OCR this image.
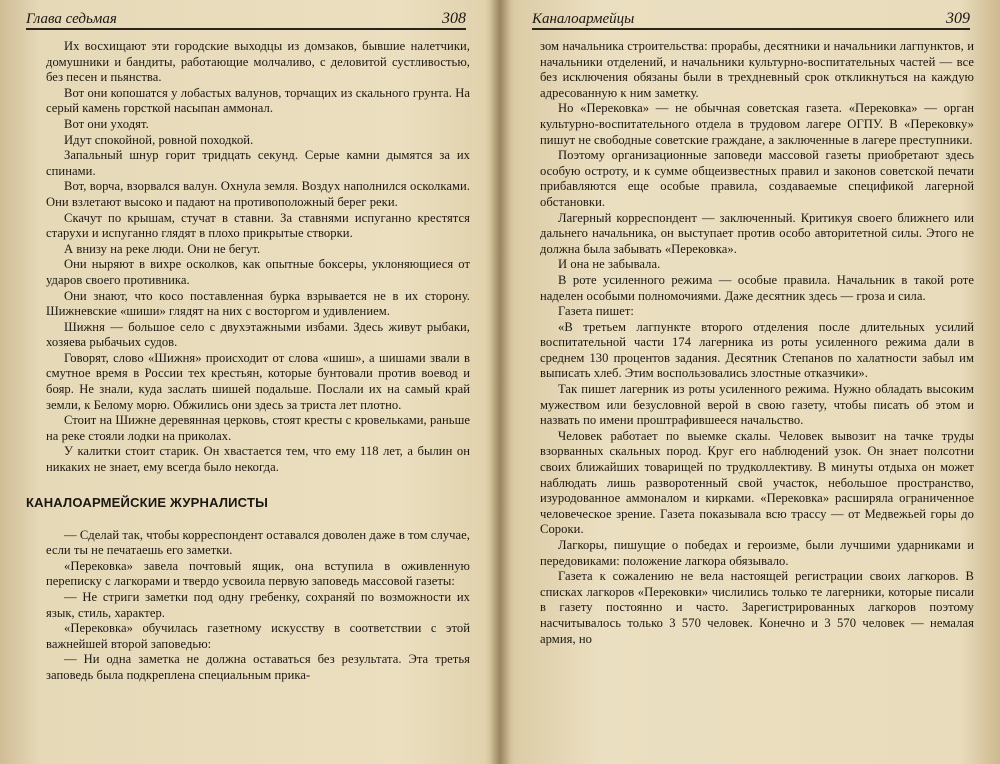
Глава седьмая	308

Их восхищают эти городские выходцы из домзаков, бывшие налетчики, домушники и бандиты, работающие молчаливо, с деловитой сустливостью, без песен и пьянства.

Вот они копошатся у лобастых валунов, торчащих из скального грунта. На серый камень горсткой насыпан аммонал.

Вот они уходят.

Идут спокойной, ровной походкой.

Запальный шнур горит тридцать секунд. Серые камни дымятся за их спинами.

Вот, ворча, взорвался валун. Охнула земля. Воздух наполнился осколками. Они взлетают высоко и падают на противоположный берег реки.

Скачут по крышам, стучат в ставни. За ставнями испуганно крестятся старухи и испуганно глядят в плохо прикрытые створки.

А внизу на реке люди. Они не бегут.

Они ныряют в вихре осколков, как опытные боксеры, уклоняющиеся от ударов своего противника.

Они знают, что косо поставленная бурка взрывается не в их сторону. Шижневские «шиши» глядят на них с восторгом и удивлением.

Шижня — большое село с двухэтажными избами. Здесь живут рыбаки, хозяева рыбачьих судов.

Говорят, слово «Шижня» происходит от слова «шиш», а шишами звали в смутное время в России тех крестьян, которые бунтовали против воевод и бояр. Не знали, куда заслать шишей подальше. Послали их на самый край земли, к Белому морю. Обжились они здесь за триста лет плотно.

Стоит на Шижне деревянная церковь, стоят кресты с кровельками, раньше на реке стояли лодки на приколах.

У калитки стоит старик. Он хвастается тем, что ему 118 лет, а былин он никаких не знает, ему всегда было некогда.

КАНАЛОАРМЕЙСКИЕ ЖУРНАЛИСТЫ

— Сделай так, чтобы корреспондент оставался доволен даже в том случае, если ты не печатаешь его заметки.

«Перековка» завела почтовый ящик, она вступила в оживленную переписку с лагкорами и твердо усвоила первую заповедь массовой газеты:

— Не стриги заметки под одну гребенку, сохраняй по возможности их язык, стиль, характер.

«Перековка» обучилась газетному искусству в соответствии с этой важнейшей второй заповедью:

— Ни одна заметка не должна оставаться без результата. Эта третья заповедь была подкреплена специальным прика-

Каналоармейцы	309

зом начальника строительства: прорабы, десятники и начальники лагпунктов, и начальники отделений, и начальники культурно-воспитательных частей — все без исключения обязаны были в трехдневный срок откликнуться на каждую адресованную к ним заметку.

Но «Перековка» — не обычная советская газета. «Перековка» — орган культурно-воспитательного отдела в трудовом лагере ОГПУ. В «Перековку» пишут не свободные советские граждане, а заключенные в лагере преступники.

Поэтому организационные заповеди массовой газеты приобретают здесь особую остроту, и к сумме общеизвестных правил и законов советской печати прибавляются еще особые правила, создаваемые спецификой лагерной обстановки.

Лагерный корреспондент — заключенный. Критикуя своего ближнего или дальнего начальника, он выступает против особо авторитетной силы. Этого не должна была забывать «Перековка».

И она не забывала.

В роте усиленного режима — особые правила. Начальник в такой роте наделен особыми полномочиями. Даже десятник здесь — гроза и сила.

Газета пишет:

«В третьем лагпункте второго отделения после длительных усилий воспитательной части 174 лагерника из роты усиленного режима дали в среднем 130 процентов задания. Десятник Степанов по халатности забыл им выписать хлеб. Этим воспользовались злостные отказчики».

Так пишет лагерник из роты усиленного режима. Нужно обладать высоким мужеством или безусловной верой в свою газету, чтобы писать об этом и назвать по имени проштрафившееся начальство.

Человек работает по выемке скалы. Человек вывозит на тачке труды взорванных скальных пород. Круг его наблюдений узок. Он знает полсотни своих ближайших товарищей по трудколлективу. В минуты отдыха он может наблюдать лишь разворотенный свой участок, небольшое пространство, изуродованное аммоналом и кирками. «Перековка» расширяла ограниченное человеческое зрение. Газета показывала всю трассу — от Медвежьей горы до Сороки.

Лагкоры, пишущие о победах и героизме, были лучшими ударниками и передовиками: положение лагкора обязывало.

Газета к сожалению не вела настоящей регистрации своих лагкоров. В списках лагкоров «Перековки» числились только те лагерники, которые писали в газету постоянно и часто. Зарегистрированных лагкоров поэтому насчитывалось только 3 570 человек. Конечно и 3 570 человек — немалая армия, но
